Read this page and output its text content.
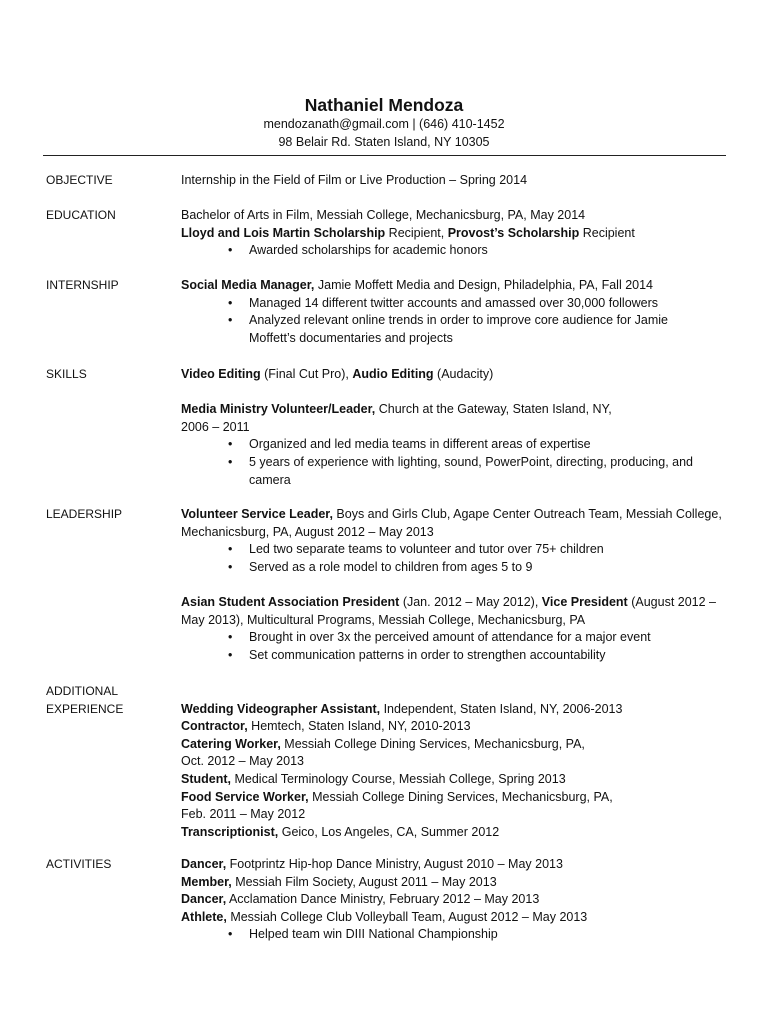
Nathaniel Mendoza
mendozanath@gmail.com | (646) 410-1452
98 Belair Rd. Staten Island, NY 10305
OBJECTIVE	Internship in the Field of Film or Live Production – Spring 2014
EDUCATION	Bachelor of Arts in Film, Messiah College, Mechanicsburg, PA, May 2014
Lloyd and Lois Martin Scholarship Recipient, Provost’s Scholarship Recipient
• Awarded scholarships for academic honors
INTERNSHIP	Social Media Manager, Jamie Moffett Media and Design, Philadelphia, PA, Fall 2014
• Managed 14 different twitter accounts and amassed over 30,000 followers
• Analyzed relevant online trends in order to improve core audience for Jamie
Moffett’s documentaries and projects
SKILLS	Video Editing (Final Cut Pro), Audio Editing (Audacity)
Media Ministry Volunteer/Leader, Church at the Gateway, Staten Island, NY,
2006 – 2011
• Organized and led media teams in different areas of expertise
• 5 years of experience with lighting, sound, PowerPoint, directing, producing, and
camera
LEADERSHIP	Volunteer Service Leader, Boys and Girls Club, Agape Center Outreach Team, Messiah College,
Mechanicsburg, PA, August 2012 – May 2013
• Led two separate teams to volunteer and tutor over 75+ children
• Served as a role model to children from ages 5 to 9
Asian Student Association President (Jan. 2012 – May 2012), Vice President (August 2012 –
May 2013), Multicultural Programs, Messiah College, Mechanicsburg, PA
• Brought in over 3x the perceived amount of attendance for a major event
• Set communication patterns in order to strengthen accountability
ADDITIONAL
EXPERIENCE	Wedding Videographer Assistant, Independent, Staten Island, NY, 2006-2013
Contractor, Hemtech, Staten Island, NY, 2010-2013
Catering Worker, Messiah College Dining Services, Mechanicsburg, PA,
Oct. 2012 – May 2013
Student, Medical Terminology Course, Messiah College, Spring 2013
Food Service Worker, Messiah College Dining Services, Mechanicsburg, PA,
Feb. 2011 – May 2012
Transcriptionist, Geico, Los Angeles, CA, Summer 2012
ACTIVITIES	Dancer, Footprintz Hip-hop Dance Ministry, August 2010 – May 2013
Member, Messiah Film Society, August 2011 – May 2013
Dancer, Acclamation Dance Ministry, February 2012 – May 2013
Athlete, Messiah College Club Volleyball Team, August 2012 – May 2013
• Helped team win DIII National Championship
